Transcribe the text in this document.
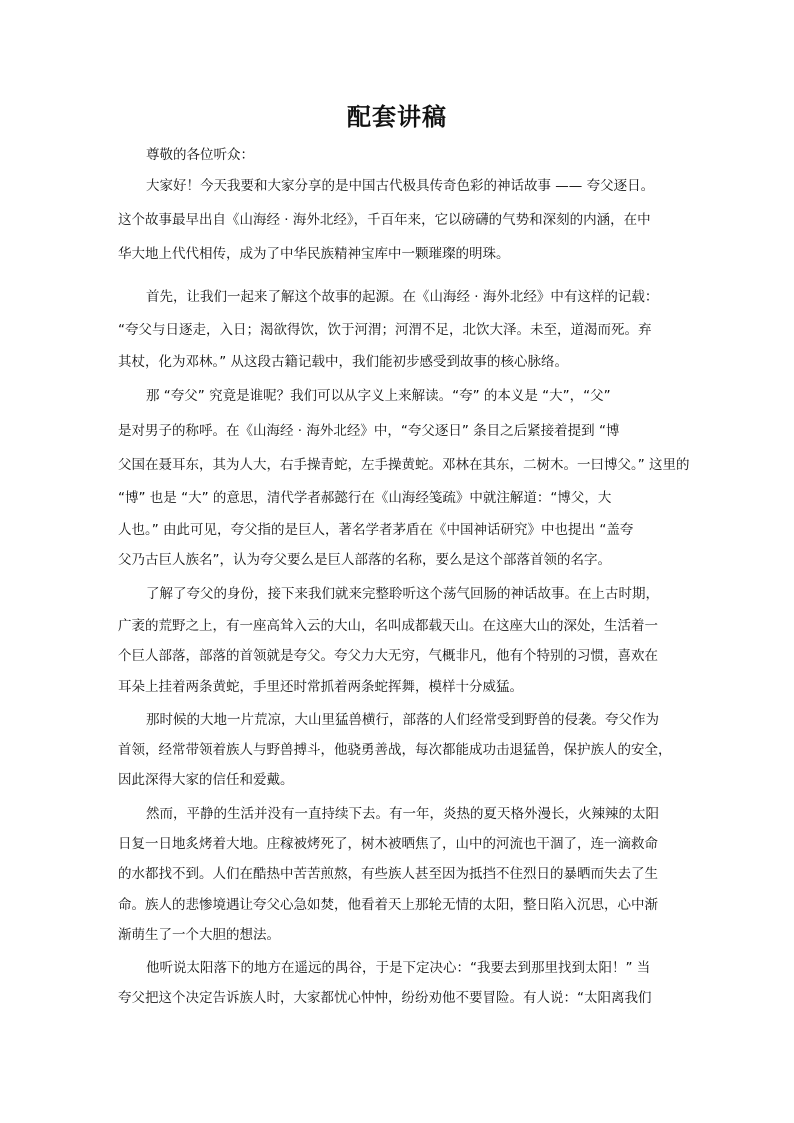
配套讲稿
尊敬的各位听众：
大家好！今天我要和大家分享的是中国古代极具传奇色彩的神话故事 —— 夸父逐日。
这个故事最早出自《山海经 · 海外北经》，千百年来，它以磅礴的气势和深刻的内涵，在中
华大地上代代相传，成为了中华民族精神宝库中一颗璀璨的明珠。
首先，让我们一起来了解这个故事的起源。在《山海经 · 海外北经》中有这样的记载：
“夸父与日逐走，入日；渴欲得饮，饮于河渭；河渭不足，北饮大泽。未至，道渴而死。弃
其杖，化为邓林。” 从这段古籍记载中，我们能初步感受到故事的核心脉络。
那 “夸父” 究竟是谁呢？我们可以从字义上来解读。“夸” 的本义是 “大”，“父”
是对男子的称呼。在《山海经 · 海外北经》中，“夸父逐日” 条目之后紧接着提到 “博
父国在聂耳东，其为人大，右手操青蛇，左手操黄蛇。邓林在其东，二树木。一曰博父。” 这里的
“博” 也是 “大” 的意思，清代学者郝懿行在《山海经笺疏》中就注解道：“博父，大
人也。” 由此可见，夸父指的是巨人，著名学者茅盾在《中国神话研究》中也提出 “盖夸
父乃古巨人族名”，认为夸父要么是巨人部落的名称，要么是这个部落首领的名字。
了解了夸父的身份，接下来我们就来完整聆听这个荡气回肠的神话故事。在上古时期，
广袤的荒野之上，有一座高耸入云的大山，名叫成都载天山。在这座大山的深处，生活着一
个巨人部落，部落的首领就是夸父。夸父力大无穷，气概非凡，他有个特别的习惯，喜欢在
耳朵上挂着两条黄蛇，手里还时常抓着两条蛇挥舞，模样十分威猛。
那时候的大地一片荒凉，大山里猛兽横行，部落的人们经常受到野兽的侵袭。夸父作为
首领，经常带领着族人与野兽搏斗，他骁勇善战，每次都能成功击退猛兽，保护族人的安全，
因此深得大家的信任和爱戴。
然而，平静的生活并没有一直持续下去。有一年，炎热的夏天格外漫长，火辣辣的太阳
日复一日地炙烤着大地。庄稼被烤死了，树木被晒焦了，山中的河流也干涸了，连一滴救命
的水都找不到。人们在酷热中苦苦煎熬，有些族人甚至因为抵挡不住烈日的暴晒而失去了生
命。族人的悲惨境遇让夸父心急如焚，他看着天上那轮无情的太阳，整日陷入沉思，心中渐
渐萌生了一个大胆的想法。
他听说太阳落下的地方在遥远的禺谷，于是下定决心：“我要去到那里找到太阳！” 当
夸父把这个决定告诉族人时，大家都忧心忡忡，纷纷劝他不要冒险。有人说：“太阳离我们
